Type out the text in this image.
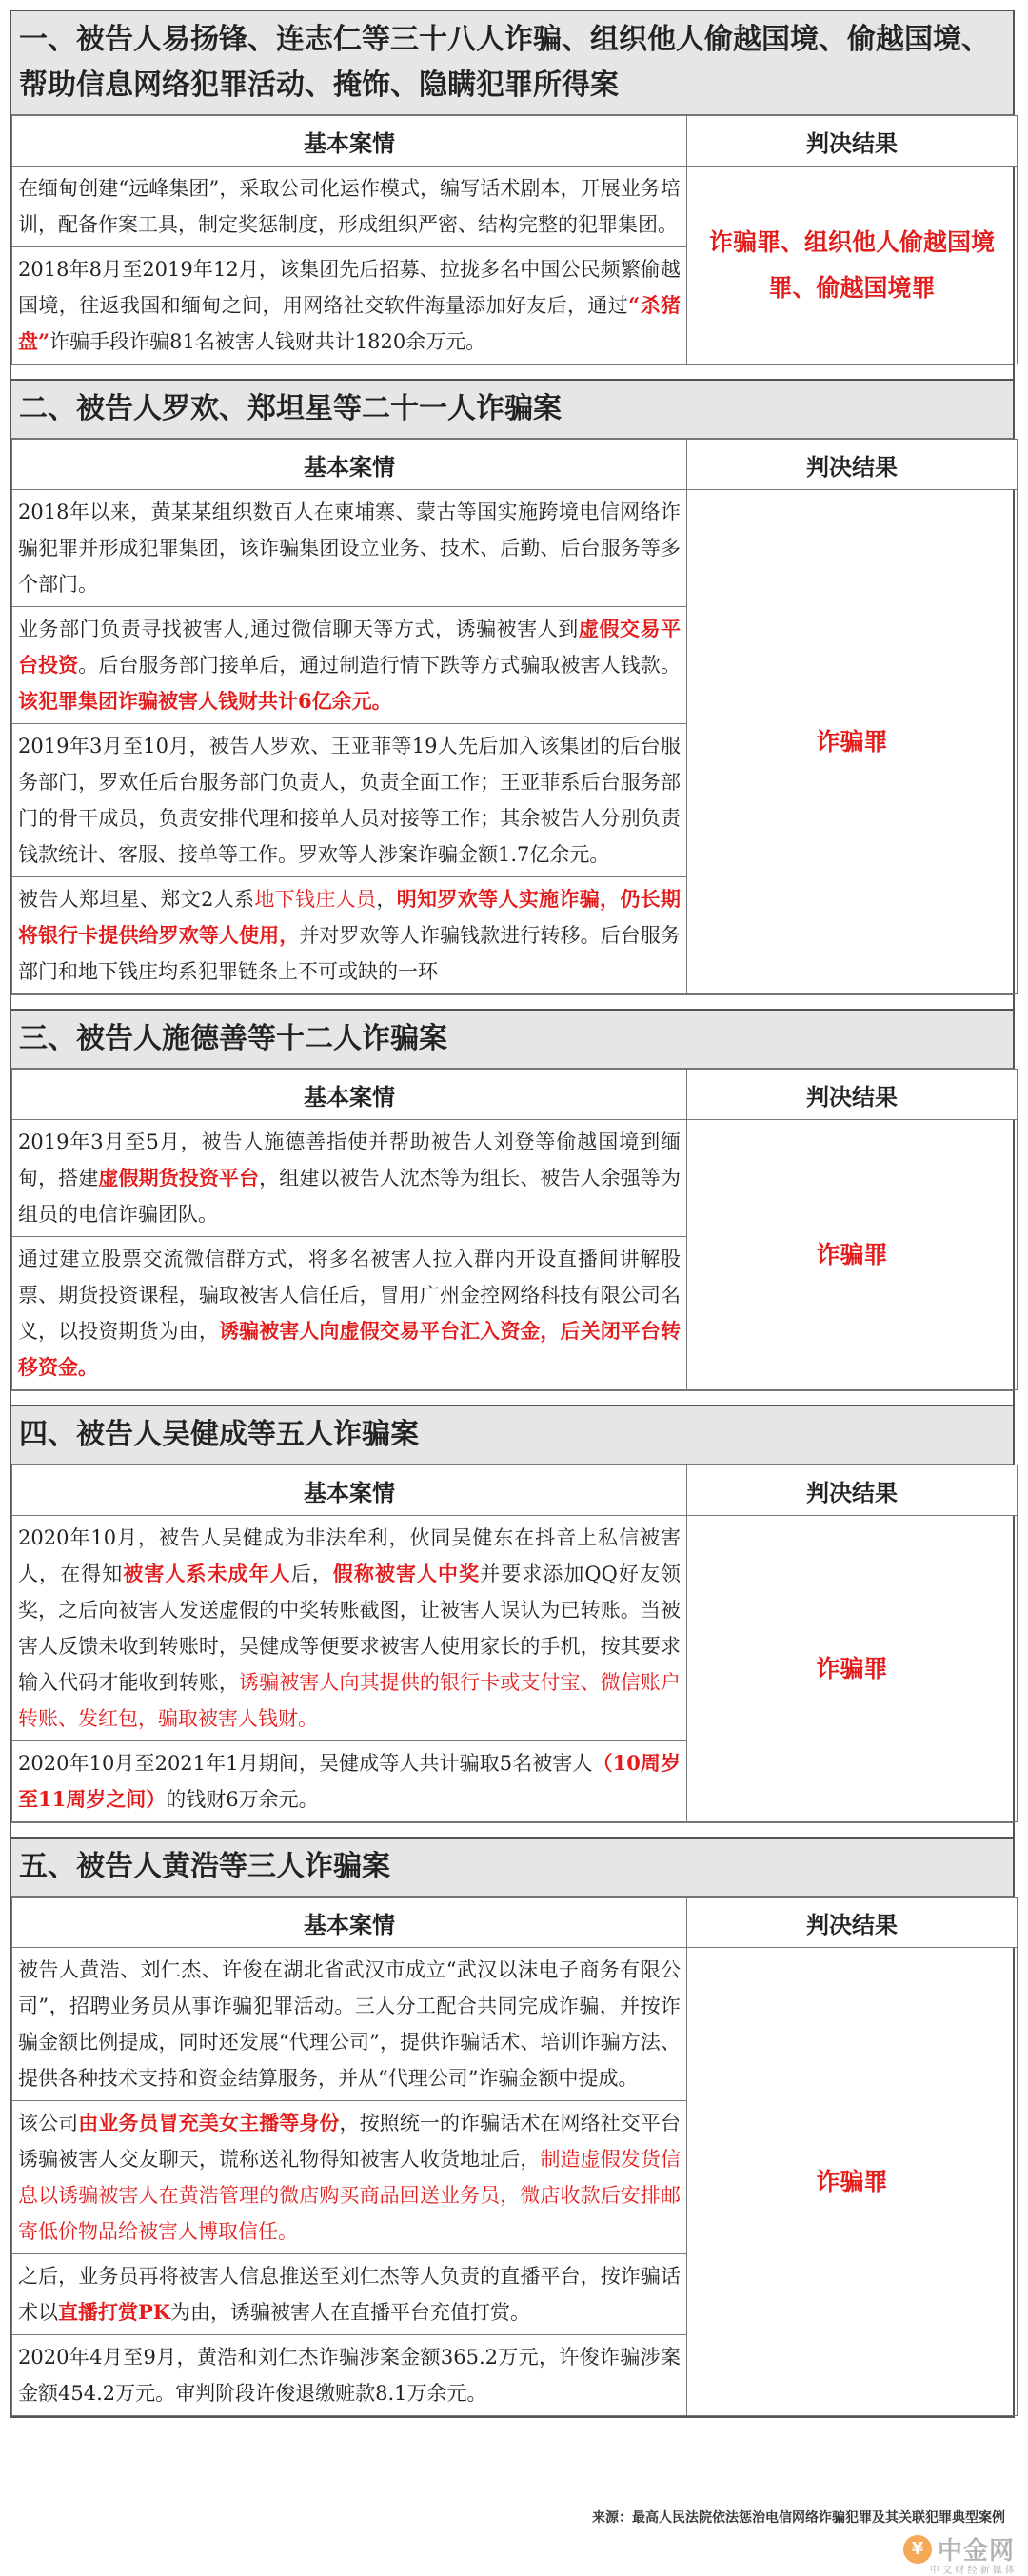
一、被告人易扬锋、连志仁等三十八人诈骗、组织他人偷越国境、偷越国境、帮助信息网络犯罪活动、掩饰、隐瞒犯罪所得案
基本案情	判决结果
在缅甸创建“远峰集团”，采取公司化运作模式，编写话术剧本，开展业务培训，配备作案工具，制定奖惩制度，形成组织严密、结构完整的犯罪集团。	诈骗罪、组织他人偷越国境罪、偷越国境罪
2018年8月至2019年12月，该集团先后招募、拉拢多名中国公民频繁偷越国境，往返我国和缅甸之间，用网络社交软件海量添加好友后，通过“杀猪盘”诈骗手段诈骗81名被害人钱财共计1820余万元。	
二、被告人罗欢、郑坦星等二十一人诈骗案
基本案情	判决结果
2018年以来，黄某某组织数百人在柬埔寨、蒙古等国实施跨境电信网络诈骗犯罪并形成犯罪集团，该诈骗集团设立业务、技术、后勤、后台服务等多个部门。	诈骗罪
业务部门负责寻找被害人,通过微信聊天等方式，诱骗被害人到虚假交易平台投资。后台服务部门接单后，通过制造行情下跌等方式骗取被害人钱款。该犯罪集团诈骗被害人钱财共计6亿余元。	
2019年3月至10月，被告人罗欢、王亚菲等19人先后加入该集团的后台服务部门，罗欢任后台服务部门负责人，负责全面工作；王亚菲系后台服务部门的骨干成员，负责安排代理和接单人员对接等工作；其余被告人分别负责钱款统计、客服、接单等工作。罗欢等人涉案诈骗金额1.7亿余元。	
被告人郑坦星、郑文2人系地下钱庄人员，明知罗欢等人实施诈骗，仍长期将银行卡提供给罗欢等人使用，并对罗欢等人诈骗钱款进行转移。后台服务部门和地下钱庄均系犯罪链条上不可或缺的一环	
三、被告人施德善等十二人诈骗案
基本案情	判决结果
2019年3月至5月，被告人施德善指使并帮助被告人刘登等偷越国境到缅甸，搭建虚假期货投资平台，组建以被告人沈杰等为组长、被告人余强等为组员的电信诈骗团队。	诈骗罪
通过建立股票交流微信群方式，将多名被害人拉入群内开设直播间讲解股票、期货投资课程，骗取被害人信任后，冒用广州金控网络科技有限公司名义，以投资期货为由，诱骗被害人向虚假交易平台汇入资金，后关闭平台转移资金。	
四、被告人吴健成等五人诈骗案
基本案情	判决结果
2020年10月，被告人吴健成为非法牟利，伙同吴健东在抖音上私信被害人，在得知被害人系未成年人后，假称被害人中奖并要求添加QQ好友领奖，之后向被害人发送虚假的中奖转账截图，让被害人误认为已转账。当被害人反馈未收到转账时，吴健成等便要求被害人使用家长的手机，按其要求输入代码才能收到转账，诱骗被害人向其提供的银行卡或支付宝、微信账户转账、发红包，骗取被害人钱财。	诈骗罪
2020年10月至2021年1月期间，吴健成等人共计骗取5名被害人（10周岁至11周岁之间）的钱财6万余元。	
五、被告人黄浩等三人诈骗案
基本案情	判决结果
被告人黄浩、刘仁杰、许俊在湖北省武汉市成立“武汉以沫电子商务有限公司”，招聘业务员从事诈骗犯罪活动。三人分工配合共同完成诈骗，并按诈骗金额比例提成，同时还发展“代理公司”，提供诈骗话术、培训诈骗方法、提供各种技术支持和资金结算服务，并从“代理公司”诈骗金额中提成。	诈骗罪
该公司由业务员冒充美女主播等身份，按照统一的诈骗话术在网络社交平台诱骗被害人交友聊天，谎称送礼物得知被害人收货地址后，制造虚假发货信息以诱骗被害人在黄浩管理的微店购买商品回送业务员，微店收款后安排邮寄低价物品给被害人博取信任。	
之后，业务员再将被害人信息推送至刘仁杰等人负责的直播平台，按诈骗话术以直播打赏PK为由，诱骗被害人在直播平台充值打赏。	
2020年4月至9月，黄浩和刘仁杰诈骗涉案金额365.2万元，许俊诈骗涉案金额454.2万元。审判阶段许俊退缴赃款8.1万余元。	
来源：最高人民法院依法惩治电信网络诈骗犯罪及其关联犯罪典型案例
¥ 中金网
中 文 财 经 新 媒 体
